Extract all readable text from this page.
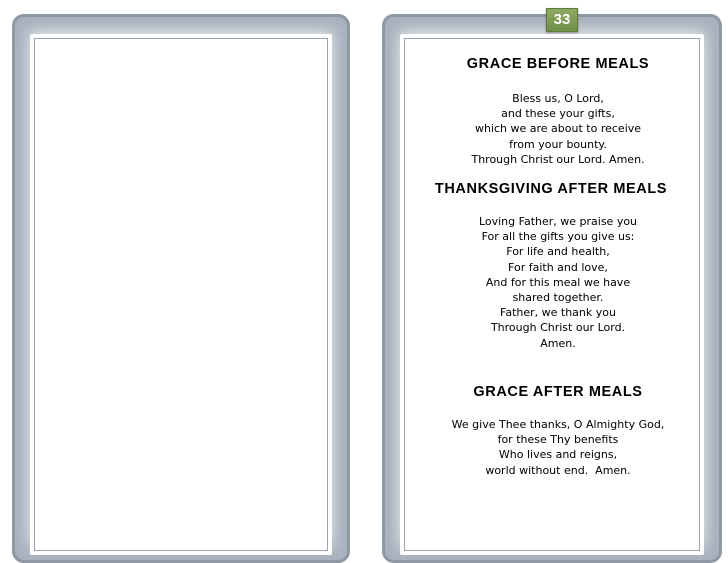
33
GRACE BEFORE MEALS
Bless us, O Lord,
and these your gifts,
which we are about to receive
from your bounty.
Through Christ our Lord. Amen.
THANKSGIVING AFTER MEALS
Loving Father, we praise you
For all the gifts you give us:
For life and health,
For faith and love,
And for this meal we have
shared together.
Father, we thank you
Through Christ our Lord.
Amen.
GRACE AFTER MEALS
We give Thee thanks, O Almighty God,
for these Thy benefits
Who lives and reigns,
world without end.  Amen.
